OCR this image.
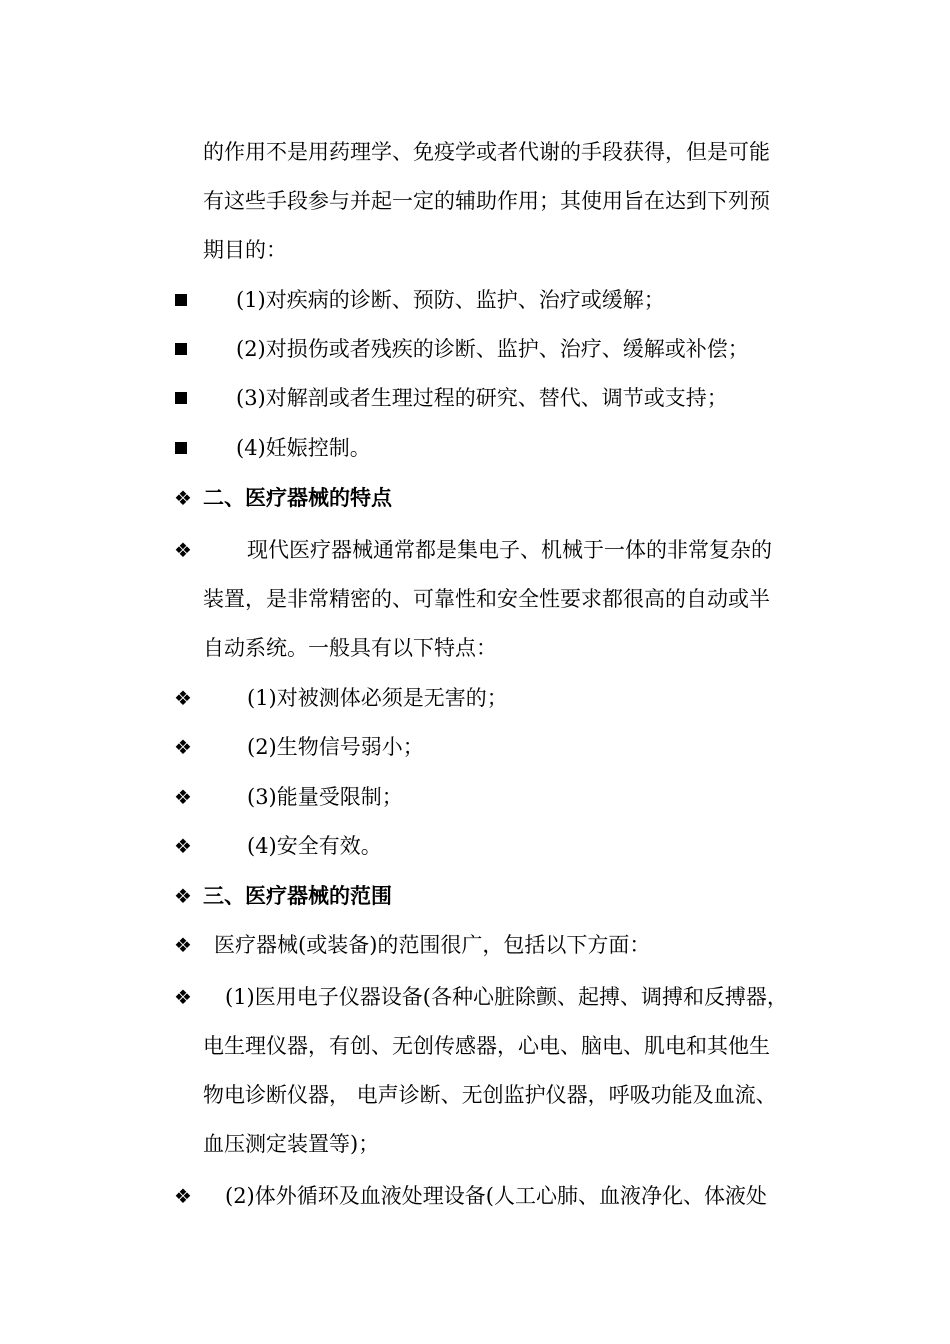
的作用不是用药理学、免疫学或者代谢的手段获得，但是可能
有这些手段参与并起一定的辅助作用；其使用旨在达到下列预
期目的：
(1)对疾病的诊断、预防、监护、治疗或缓解；
(2)对损伤或者残疾的诊断、监护、治疗、缓解或补偿；
(3)对解剖或者生理过程的研究、替代、调节或支持；
(4)妊娠控制。
❖ 二、医疗器械的特点
❖	现代医疗器械通常都是集电子、机械于一体的非常复杂的
装置，是非常精密的、可靠性和安全性要求都很高的自动或半
自动系统。一般具有以下特点：
❖	(1)对被测体必须是无害的；
❖	(2)生物信号弱小；
❖	(3)能量受限制；
❖	(4)安全有效。
❖ 三、医疗器械的范围
❖ 医疗器械(或装备)的范围很广，包括以下方面：
❖ (1)医用电子仪器设备(各种心脏除颤、起搏、调搏和反搏器，
电生理仪器，有创、无创传感器，心电、脑电、肌电和其他生
物电诊断仪器， 电声诊断、无创监护仪器，呼吸功能及血流、
血压测定装置等)；
❖ (2)体外循环及血液处理设备(人工心肺、血液净化、体液处
